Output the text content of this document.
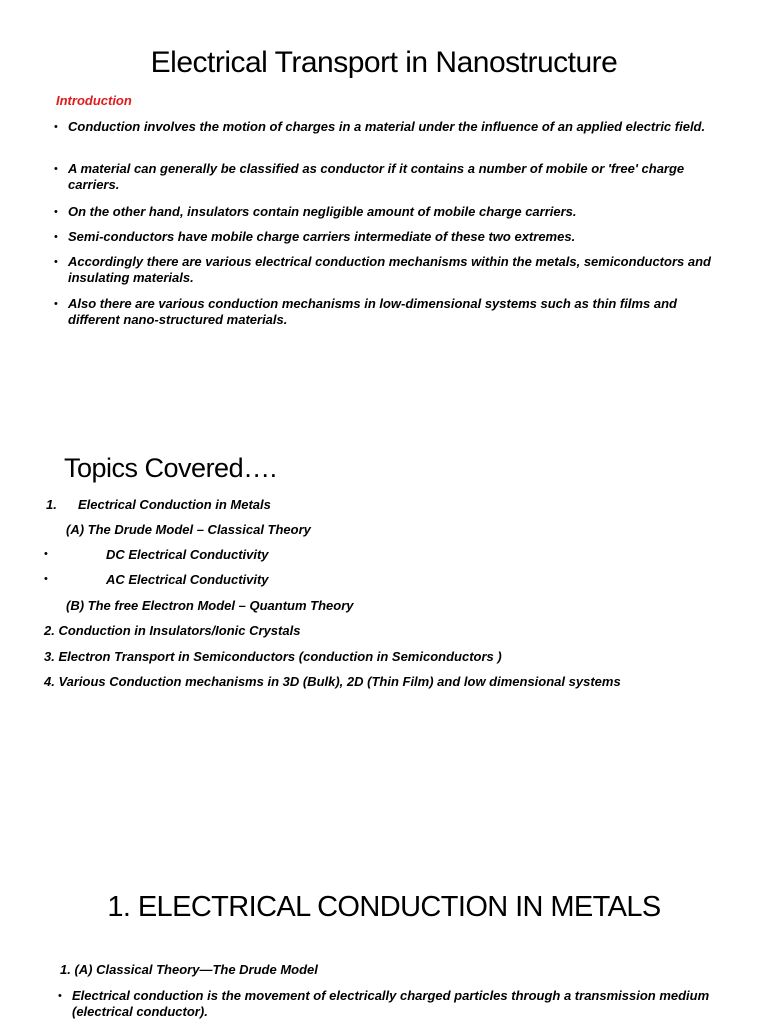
Electrical Transport in Nanostructure
Introduction
• Conduction involves the motion of charges in a material under the influence of an applied electric field.
• A material can generally be classified as conductor if it contains a number of mobile or 'free' charge carriers.
• On the other hand, insulators contain negligible amount of mobile charge carriers.
• Semi-conductors have mobile charge carriers intermediate of these two extremes.
• Accordingly there are various electrical conduction mechanisms within the metals, semiconductors and insulating materials.
• Also there are various conduction mechanisms in low-dimensional systems such as thin films and different nano-structured materials.
Topics Covered….
1. Electrical Conduction in Metals
(A) The Drude Model – Classical Theory
•	DC Electrical Conductivity
•	AC Electrical Conductivity
(B) The free Electron Model – Quantum Theory
2. Conduction in Insulators/Ionic Crystals
3. Electron Transport in Semiconductors (conduction in Semiconductors )
4. Various Conduction mechanisms in 3D (Bulk), 2D (Thin Film) and low dimensional systems
1. ELECTRICAL CONDUCTION IN METALS
1. (A) Classical Theory—The Drude Model
• Electrical conduction is the movement of electrically charged particles through a transmission medium (electrical conductor).
